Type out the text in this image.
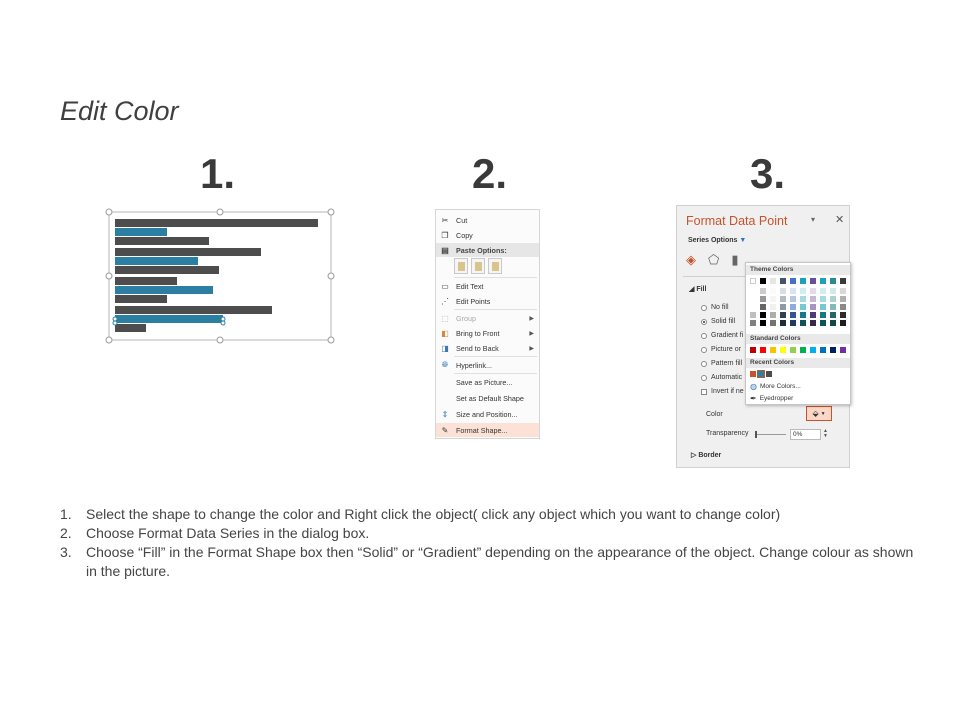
Edit Color
1.	2.	3.
✂ Cut
❐ Copy
▤ Paste Options:
▭ Edit Text
⋰ Edit Points
⬚ Group	▶
◧ Bring to Front	▶
◨ Send to Back	▶
🌐︎ Hyperlink...
Save as Picture...
Set as Default Shape
⇕ Size and Position...
✎ Format Shape...
Format Data Point	▾ ✕
Series Options ▼
◈ ⬠ ▮
◢ Fill
No fill
Solid fill
Gradient fi
Picture or
Pattern fill
Automatic
Invert if ne
Color	⬙ ▼
Transparency	0%	▲
▼
▷ Border
Theme Colors
Standard Colors
Recent Colors
◍ More Colors...
✒ Eyedropper
1.	Select the shape to change the color and Right click the object( click any object which you want to change color)
2.	Choose Format Data Series in the dialog box.
3.	Choose “Fill” in the Format Shape box then “Solid” or “Gradient” depending on the appearance of the object. Change colour as shown in the picture.
